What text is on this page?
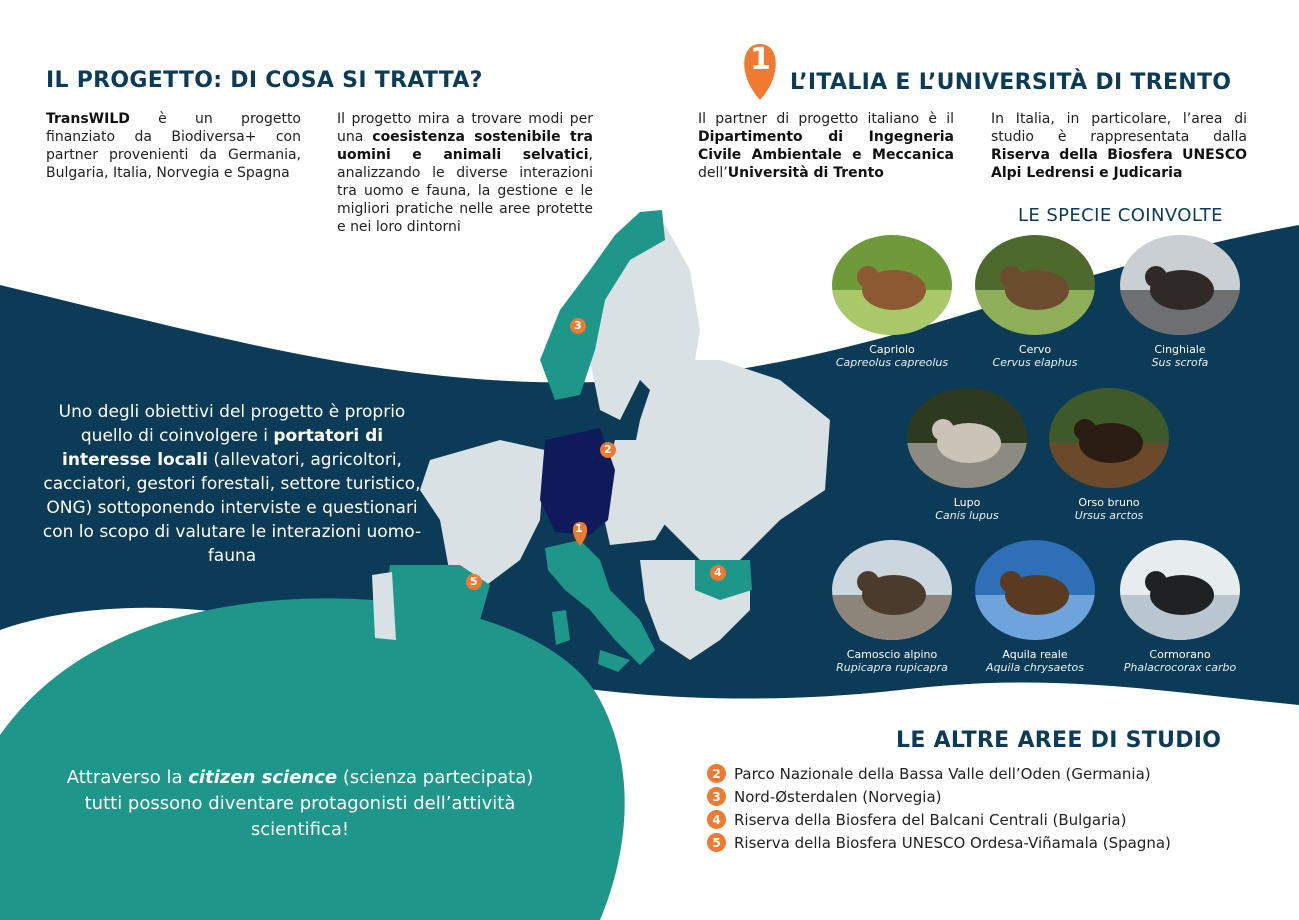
1
2
3
4
5
1
IL PROGETTO: DI COSA SI TRATTA?

TransWILD è un progetto finanziato da Biodiversa+ con partner provenienti da Germania, Bulgaria, Italia, Norvegia e Spagna

Il progetto mira a trovare modi per una coesistenza sostenibile tra uomini e animali selvatici, analizzando le diverse interazioni tra uomo e fauna, la gestione e le migliori pratiche nelle aree protette e nei loro dintorni

L’ITALIA E L’UNIVERSITÀ DI TRENTO

Il partner di progetto italiano è il Dipartimento di Ingegneria Civile Ambientale e Meccanica dell’Università di Trento

In Italia, in particolare, l’area di studio è rappresentata dalla Riserva della Biosfera UNESCO Alpi Ledrensi e Judicaria

Uno degli obiettivi del progetto è proprio quello di coinvolgere i portatori di interesse locali (allevatori, agricoltori, cacciatori, gestori forestali, settore turistico, ONG) sottoponendo interviste e questionari con lo scopo di valutare le interazioni uomo-fauna

Attraverso la citizen science (scienza partecipata) tutti possono diventare protagonisti dell’attività scientifica!

LE SPECIE COINVOLTE
Capriolo
Capreolus capreolus
Cervo
Cervus elaphus
Cinghiale
Sus scrofa
Lupo
Canis lupus
Orso bruno
Ursus arctos
Camoscio alpino
Rupicapra rupicapra
Aquila reale
Aquila chrysaetos
Cormorano
Phalacrocorax carbo
LE ALTRE AREE DI STUDIO
2 Parco Nazionale della Bassa Valle dell’Oden (Germania)
3 Nord-Østerdalen (Norvegia)
4 Riserva della Biosfera del Balcani Centrali (Bulgaria)
5 Riserva della Biosfera UNESCO Ordesa-Viñamala (Spagna)
